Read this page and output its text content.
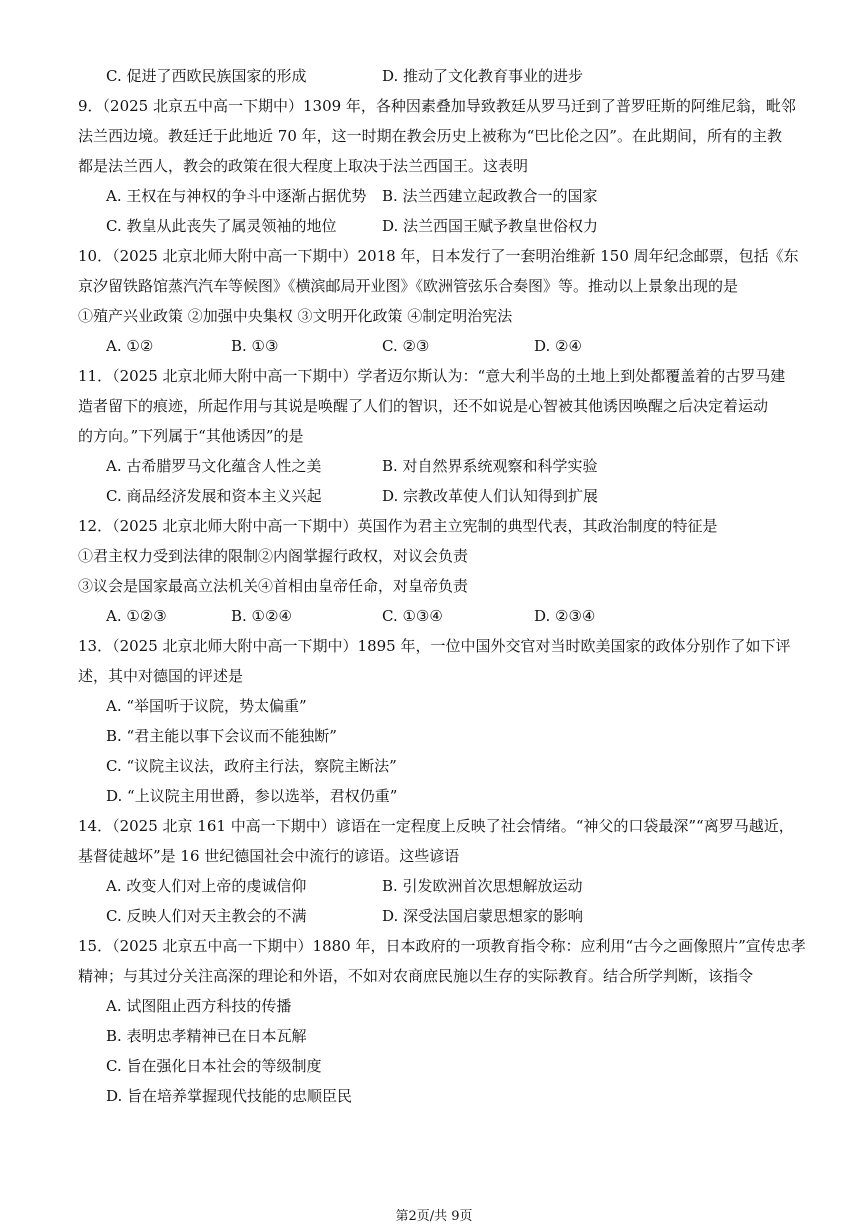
C. 促进了西欧民族国家的形成	D. 推动了文化教育事业的进步
9．（2025 北京五中高一下期中）1309 年，各种因素叠加导致教廷从罗马迁到了普罗旺斯的阿维尼翁，毗邻
法兰西边境。教廷迁于此地近 70 年，这一时期在教会历史上被称为“巴比伦之囚”。在此期间，所有的主教
都是法兰西人，教会的政策在很大程度上取决于法兰西国王。这表明
A. 王权在与神权的争斗中逐渐占据优势 B. 法兰西建立起政教合一的国家
C. 教皇从此丧失了属灵领袖的地位	D. 法兰西国王赋予教皇世俗权力
10．（2025 北京北师大附中高一下期中）2018 年，日本发行了一套明治维新 150 周年纪念邮票，包括《东
京汐留铁路馆蒸汽汽车等候图》《横滨邮局开业图》《欧洲管弦乐合奏图》等。推动以上景象出现的是
①殖产兴业政策 ②加强中央集权 ③文明开化政策 ④制定明治宪法
A. ①②	B. ①③	C. ②③	D. ②④
11．（2025 北京北师大附中高一下期中）学者迈尔斯认为：“意大利半岛的土地上到处都覆盖着的古罗马建
造者留下的痕迹，所起作用与其说是唤醒了人们的智识，还不如说是心智被其他诱因唤醒之后决定着运动
的方向。”下列属于“其他诱因”的是
A. 古希腊罗马文化蕴含人性之美	B. 对自然界系统观察和科学实验
C. 商品经济发展和资本主义兴起	D. 宗教改革使人们认知得到扩展
12．（2025 北京北师大附中高一下期中）英国作为君主立宪制的典型代表，其政治制度的特征是
①君主权力受到法律的限制②内阁掌握行政权，对议会负责
③议会是国家最高立法机关④首相由皇帝任命，对皇帝负责
A. ①②③	B. ①②④	C. ①③④	D. ②③④
13．（2025 北京北师大附中高一下期中）1895 年，一位中国外交官对当时欧美国家的政体分别作了如下评
述，其中对德国的评述是
A. “举国听于议院，势太偏重”
B. “君主能以事下会议而不能独断”
C. “议院主议法，政府主行法，察院主断法”
D. “上议院主用世爵，参以选举，君权仍重”
14．（2025 北京 161 中高一下期中）谚语在一定程度上反映了社会情绪。“神父的口袋最深”“离罗马越近，
基督徒越坏”是 16 世纪德国社会中流行的谚语。这些谚语
A. 改变人们对上帝的虔诚信仰	B. 引发欧洲首次思想解放运动
C. 反映人们对天主教会的不满	D. 深受法国启蒙思想家的影响
15．（2025 北京五中高一下期中）1880 年，日本政府的一项教育指令称：应利用“古今之画像照片”宣传忠孝
精神；与其过分关注高深的理论和外语，不如对农商庶民施以生存的实际教育。结合所学判断，该指令
A. 试图阻止西方科技的传播
B. 表明忠孝精神已在日本瓦解
C. 旨在强化日本社会的等级制度
D. 旨在培养掌握现代技能的忠顺臣民
第2页/共 9页
